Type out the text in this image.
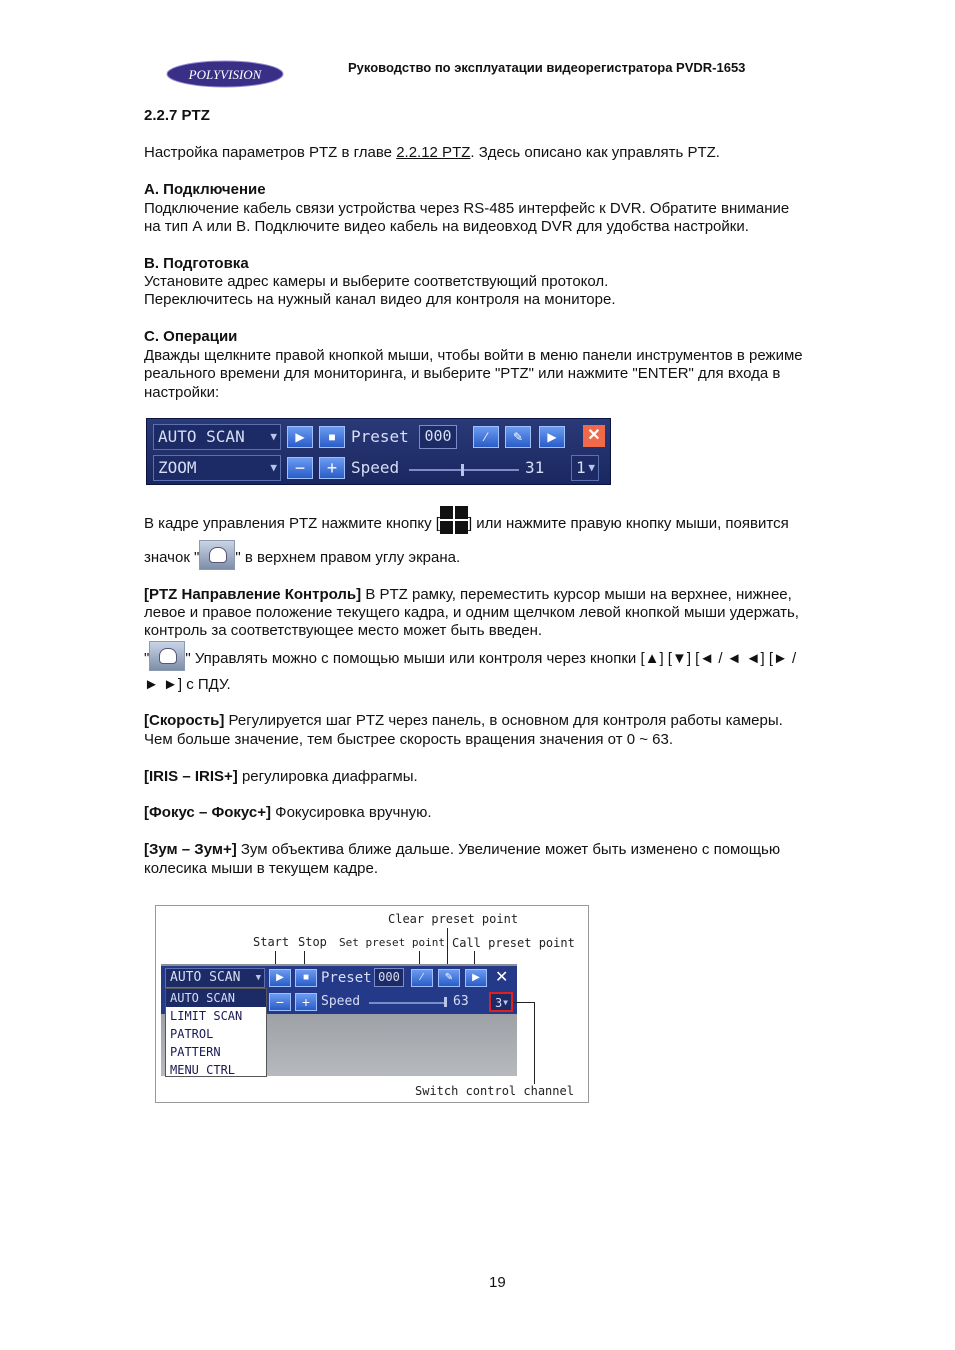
POLYVISION	Руководство по эксплуатации видеорегистратора PVDR-1653
2.2.7 PTZ
Настройка параметров PTZ в главе 2.2.12 PTZ. Здесь описано как управлять PTZ.
A. Подключение
Подключение кабель связи устройства через RS-485 интерфейс к DVR. Обратите внимание
на тип А или В. Подключите видео кабель на видеовход DVR для удобства настройки.
B. Подготовка
Установите адрес камеры и выберите соответствующий протокол.
Переключитесь на нужный канал видео для контроля на мониторе.
C. Операции
Дважды щелкните правой кнопкой мыши, чтобы войти в меню панели инструментов в режиме
реального времени для мониторинга, и выберите "PTZ" или нажмите "ENTER" для входа в
настройки:
AUTO SCAN ▼	▶	■ Preset	000	⁄	✎	▶	✕
ZOOM	▼ −	+ Speed	31	1 ▼
В кадре управления PTZ нажмите кнопку [ ] или нажмите правую кнопку мыши, появится
значок " " в верхнем правом углу экрана.
[PTZ Направление Контроль] В PTZ рамку, переместить курсор мыши на верхнее, нижнее,
левое и правое положение текущего кадра, и одним щелчком левой кнопкой мыши удержать,
контроль за соответствующее место может быть введен.
" " Управлять можно с помощью мыши или контроля через кнопки [▲] [▼] [◄ / ◄ ◄] [► /
► ►] с ПДУ.
[Скорость] Регулируется шаг PTZ через панель, в основном для контроля работы камеры.
Чем больше значение, тем быстрее скорость вращения значения от 0 ~ 63.
[IRIS – IRIS+] регулировка диафрагмы.
[Фокус – Фокус+] Фокусировка вручную.
[Зум – Зум+] Зум объектива ближе дальше. Увеличение может быть изменено с помощью
колесика мыши в текущем кадре.
Clear preset point
Start Stop Set preset point Call preset point
AUTO SCAN ▼	▶	■ Preset 000	⁄	✎	▶ ✕
−	+ Speed	63	3 ▼
AUTO SCAN
LIMIT SCAN
PATROL
PATTERN
MENU CTRL
Switch control channel
19
